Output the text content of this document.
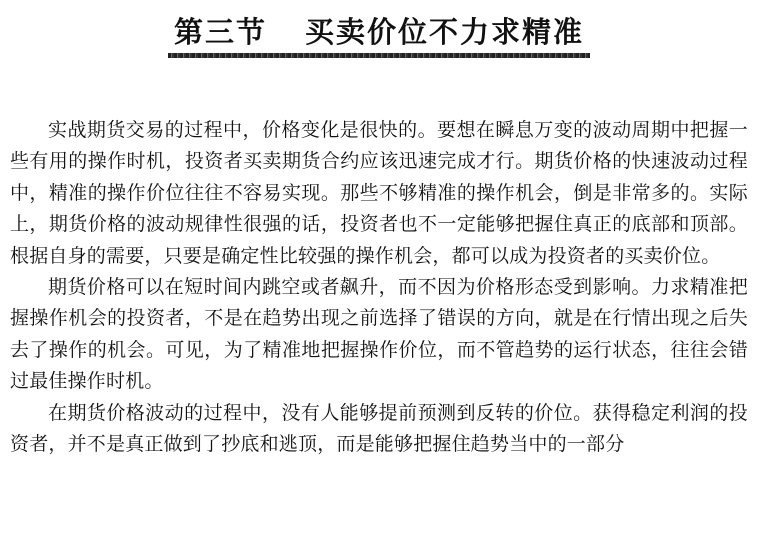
第三节 买卖价位不力求精准

实战期货交易的过程中，价格变化是很快的。要想在瞬息万变的波动周期中把握一些有用的操作时机，投资者买卖期货合约应该迅速完成才行。期货价格的快速波动过程中，精准的操作价位往往不容易实现。那些不够精准的操作机会，倒是非常多的。实际上，期货价格的波动规律性很强的话，投资者也不一定能够把握住真正的底部和顶部。根据自身的需要，只要是确定性比较强的操作机会，都可以成为投资者的买卖价位。

期货价格可以在短时间内跳空或者飙升，而不因为价格形态受到影响。力求精准把握操作机会的投资者，不是在趋势出现之前选择了错误的方向，就是在行情出现之后失去了操作的机会。可见，为了精准地把握操作价位，而不管趋势的运行状态，往往会错过最佳操作时机。

在期货价格波动的过程中，没有人能够提前预测到反转的价位。获得稳定利润的投资者，并不是真正做到了抄底和逃顶，而是能够把握住趋势当中的一部分
